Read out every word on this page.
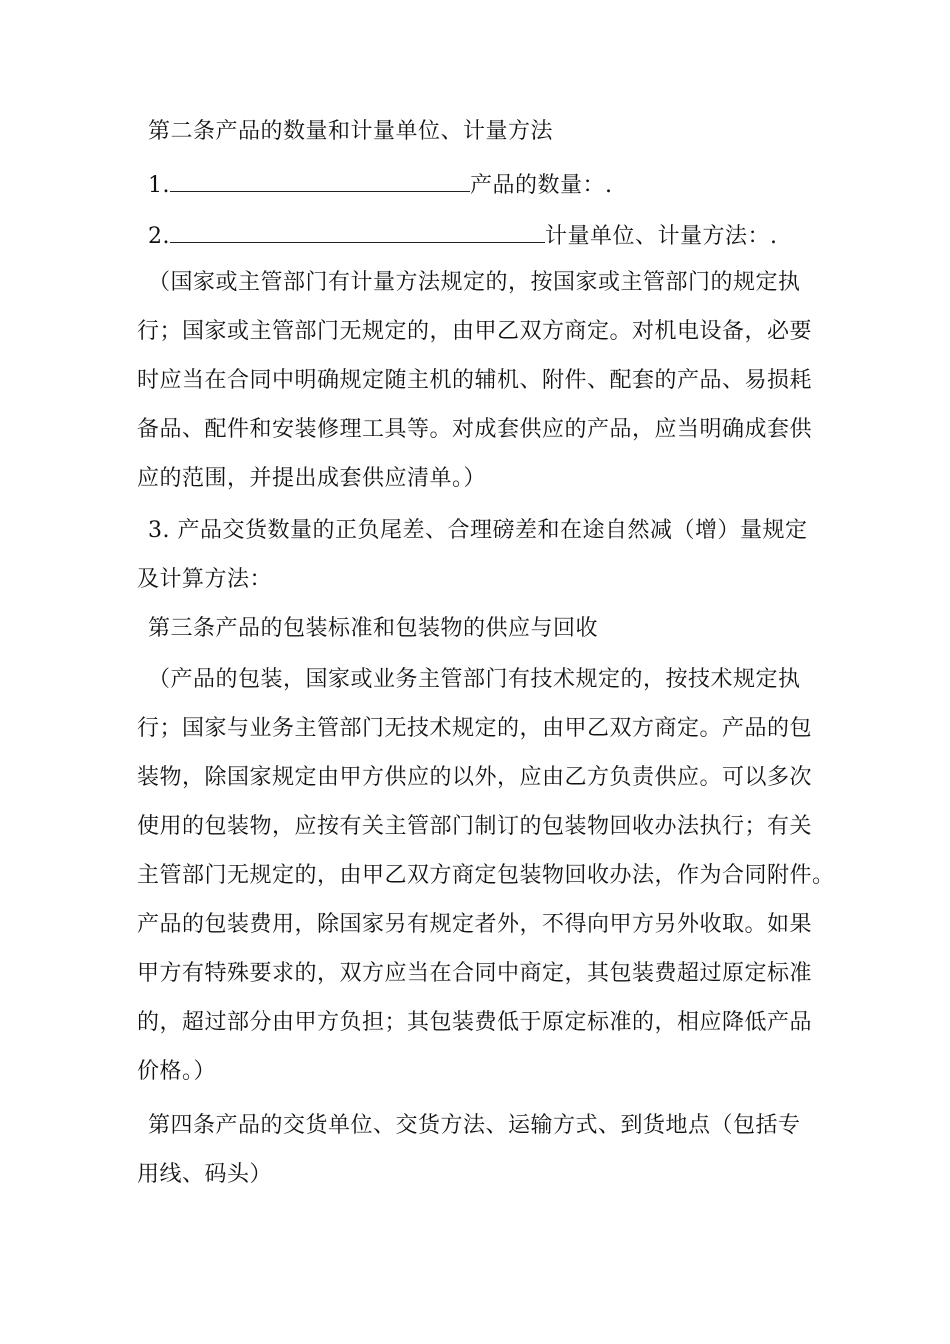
第二条产品的数量和计量单位、计量方法
1.	产品的数量：.
2.	计量单位、计量方法：.
（国家或主管部门有计量方法规定的，按国家或主管部门的规定执
行；国家或主管部门无规定的，由甲乙双方商定。对机电设备，必要
时应当在合同中明确规定随主机的辅机、附件、配套的产品、易损耗
备品、配件和安装修理工具等。对成套供应的产品，应当明确成套供
应的范围，并提出成套供应清单。）
3. 产品交货数量的正负尾差、合理磅差和在途自然减（增）量规定
及计算方法：
第三条产品的包装标准和包装物的供应与回收
（产品的包装，国家或业务主管部门有技术规定的，按技术规定执
行；国家与业务主管部门无技术规定的，由甲乙双方商定。产品的包
装物，除国家规定由甲方供应的以外，应由乙方负责供应。可以多次
使用的包装物，应按有关主管部门制订的包装物回收办法执行；有关
主管部门无规定的，由甲乙双方商定包装物回收办法，作为合同附件。
产品的包装费用，除国家另有规定者外，不得向甲方另外收取。如果
甲方有特殊要求的，双方应当在合同中商定，其包装费超过原定标准
的，超过部分由甲方负担；其包装费低于原定标准的，相应降低产品
价格。）
第四条产品的交货单位、交货方法、运输方式、到货地点（包括专
用线、码头）
